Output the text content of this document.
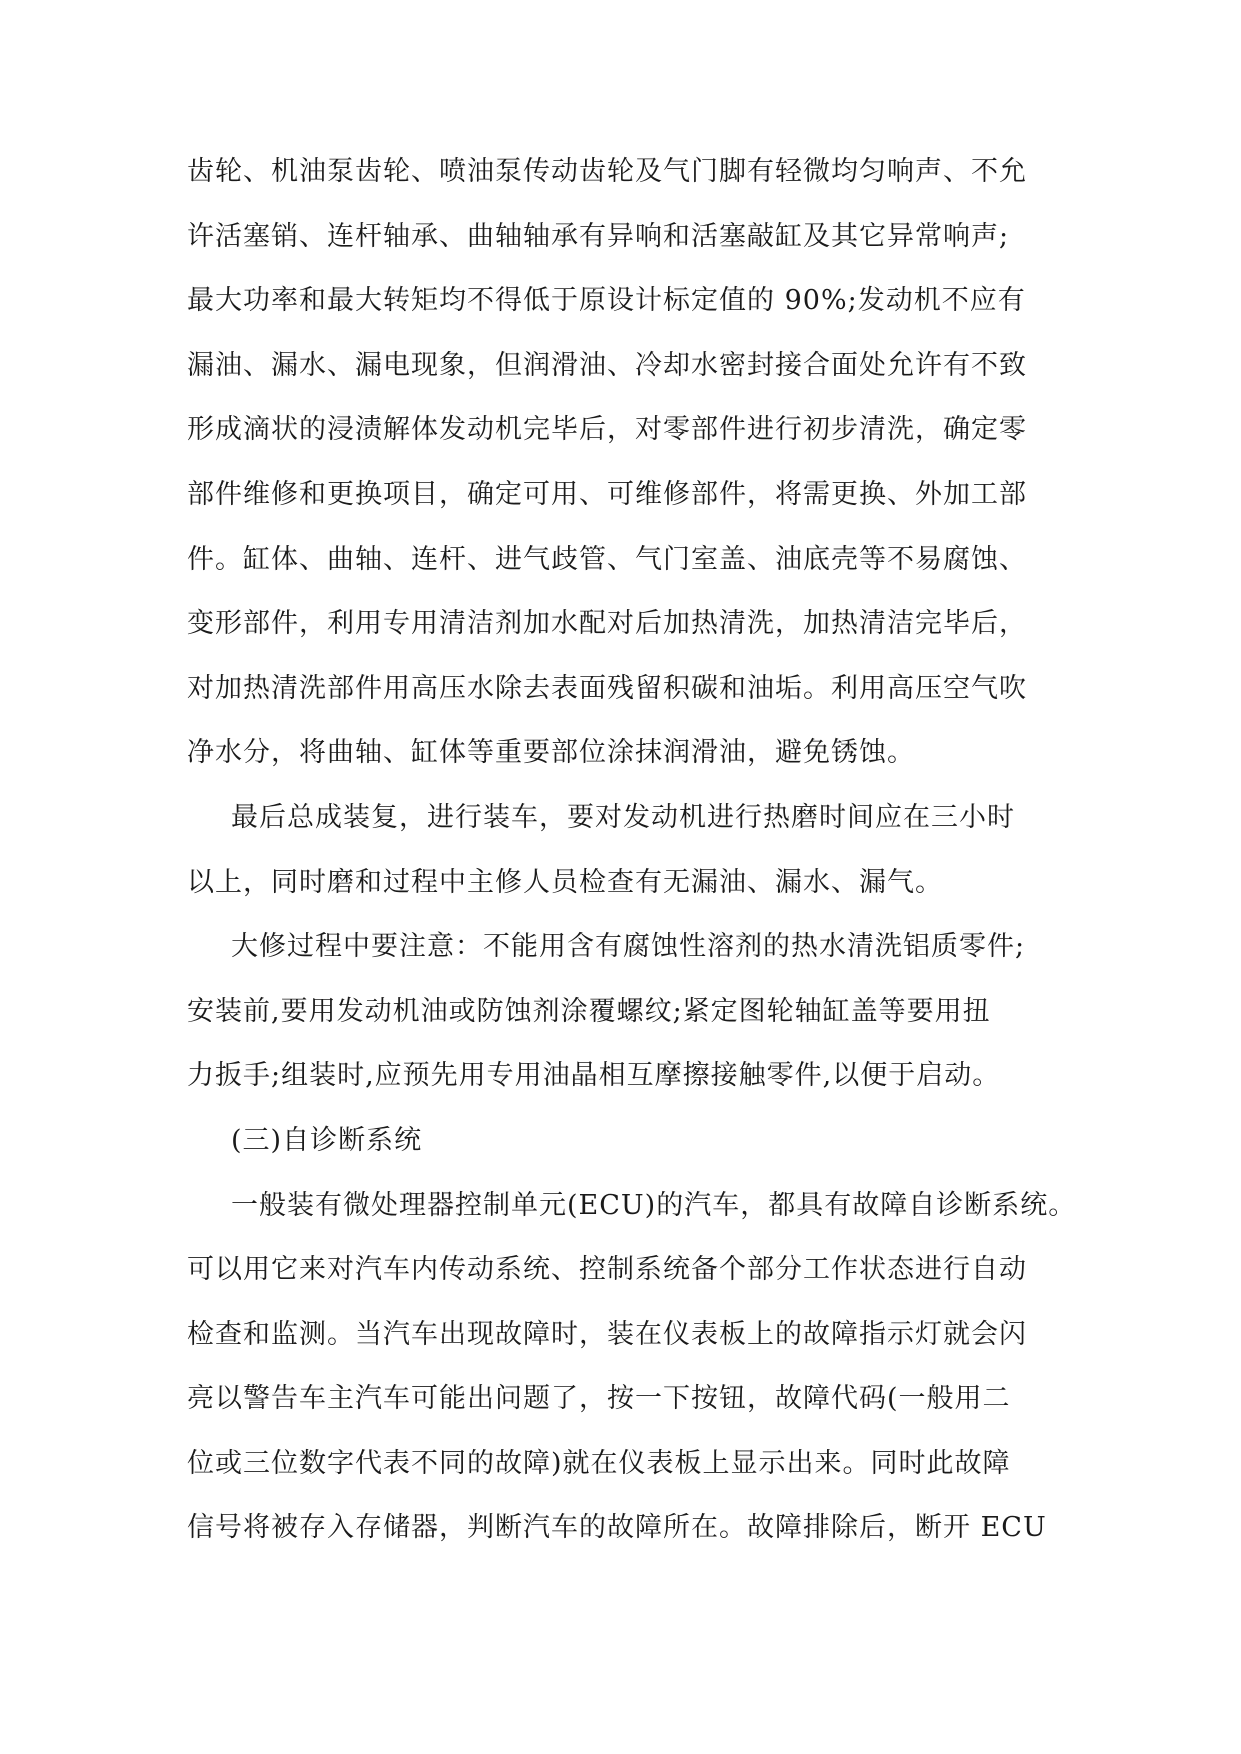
齿轮、机油泵齿轮、喷油泵传动齿轮及气门脚有轻微均匀响声、不允
许活塞销、连杆轴承、曲轴轴承有异响和活塞敲缸及其它异常响声;
最大功率和最大转矩均不得低于原设计标定值的 90%;发动机不应有
漏油、漏水、漏电现象，但润滑油、冷却水密封接合面处允许有不致
形成滴状的浸渍解体发动机完毕后，对零部件进行初步清洗，确定零
部件维修和更换项目，确定可用、可维修部件，将需更换、外加工部
件。缸体、曲轴、连杆、进气歧管、气门室盖、油底壳等不易腐蚀、
变形部件，利用专用清洁剂加水配对后加热清洗，加热清洁完毕后，
对加热清洗部件用高压水除去表面残留积碳和油垢。利用高压空气吹
净水分，将曲轴、缸体等重要部位涂抹润滑油，避免锈蚀。
最后总成装复，进行装车，要对发动机进行热磨时间应在三小时
以上，同时磨和过程中主修人员检查有无漏油、漏水、漏气。
大修过程中要注意：不能用含有腐蚀性溶剂的热水清洗铝质零件;
安装前,要用发动机油或防蚀剂涂覆螺纹;紧定图轮轴缸盖等要用扭
力扳手;组装时,应预先用专用油晶相互摩擦接触零件,以便于启动。
(三)自诊断系统
一般装有微处理器控制单元(ECU)的汽车，都具有故障自诊断系统。
可以用它来对汽车内传动系统、控制系统备个部分工作状态进行自动
检查和监测。当汽车出现故障时，装在仪表板上的故障指示灯就会闪
亮以警告车主汽车可能出问题了，按一下按钮，故障代码(一般用二
位或三位数字代表不同的故障)就在仪表板上显示出来。同时此故障
信号将被存入存储器，判断汽车的故障所在。故障排除后，断开 ECU
